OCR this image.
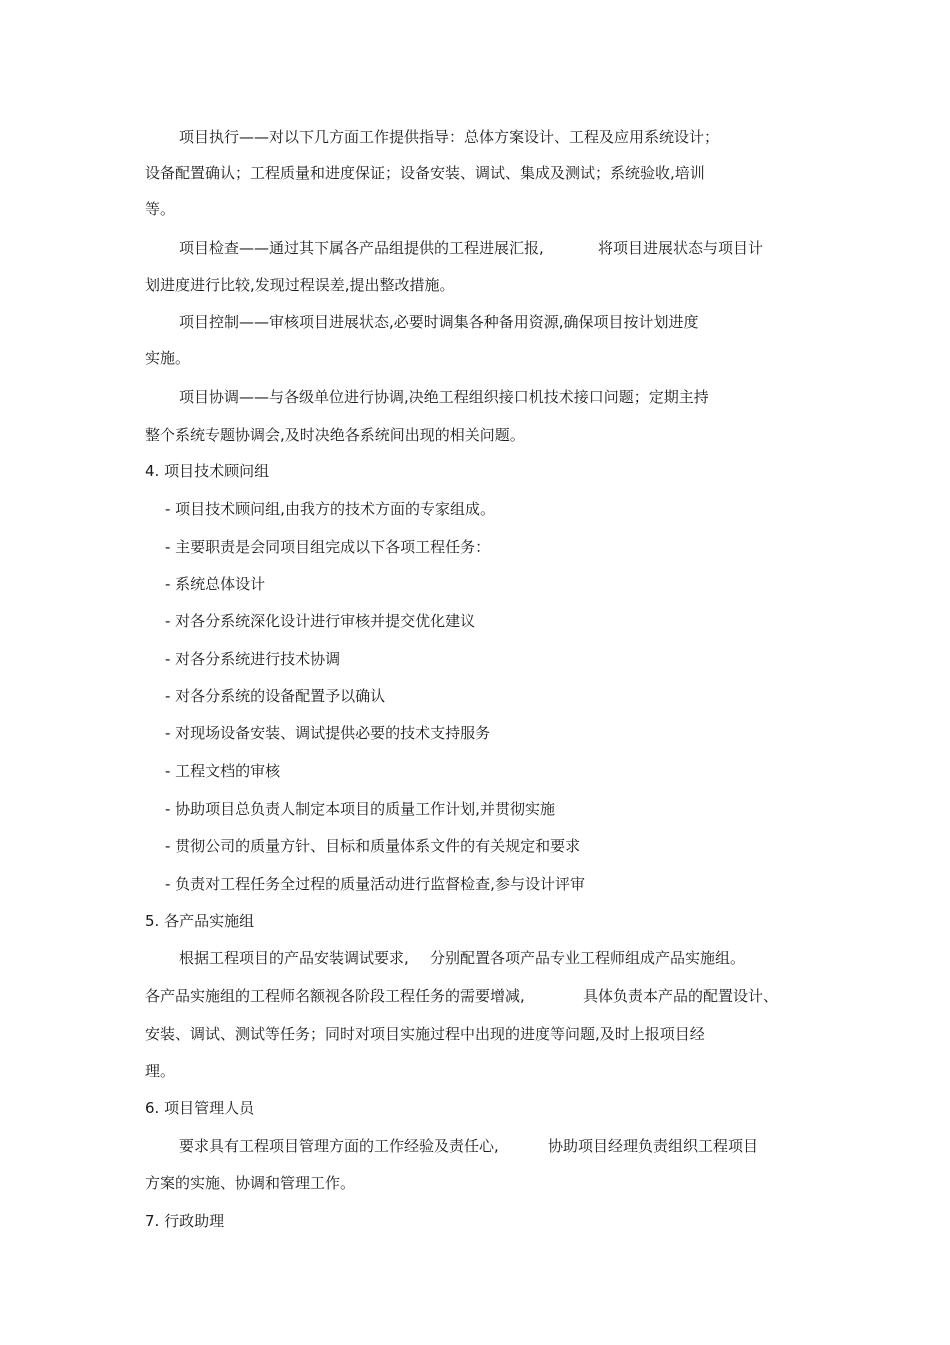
项目执行——对以下几方面工作提供指导：总体方案设计、工程及应用系统设计；
设备配置确认；工程质量和进度保证；设备安装、调试、集成及测试；系统验收,培训
等。
项目检查——通过其下属各产品组提供的工程进展汇报,	将项目进展状态与项目计
划进度进行比较,发现过程误差,提出整改措施。
项目控制——审核项目进展状态,必要时调集各种备用资源,确保项目按计划进度
实施。
项目协调——与各级单位进行协调,决绝工程组织接口机技术接口问题；定期主持
整个系统专题协调会,及时决绝各系统间出现的相关问题。
4. 项目技术顾问组
- 项目技术顾问组,由我方的技术方面的专家组成。
- 主要职责是会同项目组完成以下各项工程任务：
- 系统总体设计
- 对各分系统深化设计进行审核并提交优化建议
- 对各分系统进行技术协调
- 对各分系统的设备配置予以确认
- 对现场设备安装、调试提供必要的技术支持服务
- 工程文档的审核
- 协助项目总负责人制定本项目的质量工作计划,并贯彻实施
- 贯彻公司的质量方针、目标和质量体系文件的有关规定和要求
- 负责对工程任务全过程的质量活动进行监督检查,参与设计评审
5. 各产品实施组
根据工程项目的产品安装调试要求, 分别配置各项产品专业工程师组成产品实施组。
各产品实施组的工程师名额视各阶段工程任务的需要增减,	具体负责本产品的配置设计、
安装、调试、测试等任务；同时对项目实施过程中出现的进度等问题,及时上报项目经
理。
6. 项目管理人员
要求具有工程项目管理方面的工作经验及责任心,	协助项目经理负责组织工程项目
方案的实施、协调和管理工作。
7. 行政助理
